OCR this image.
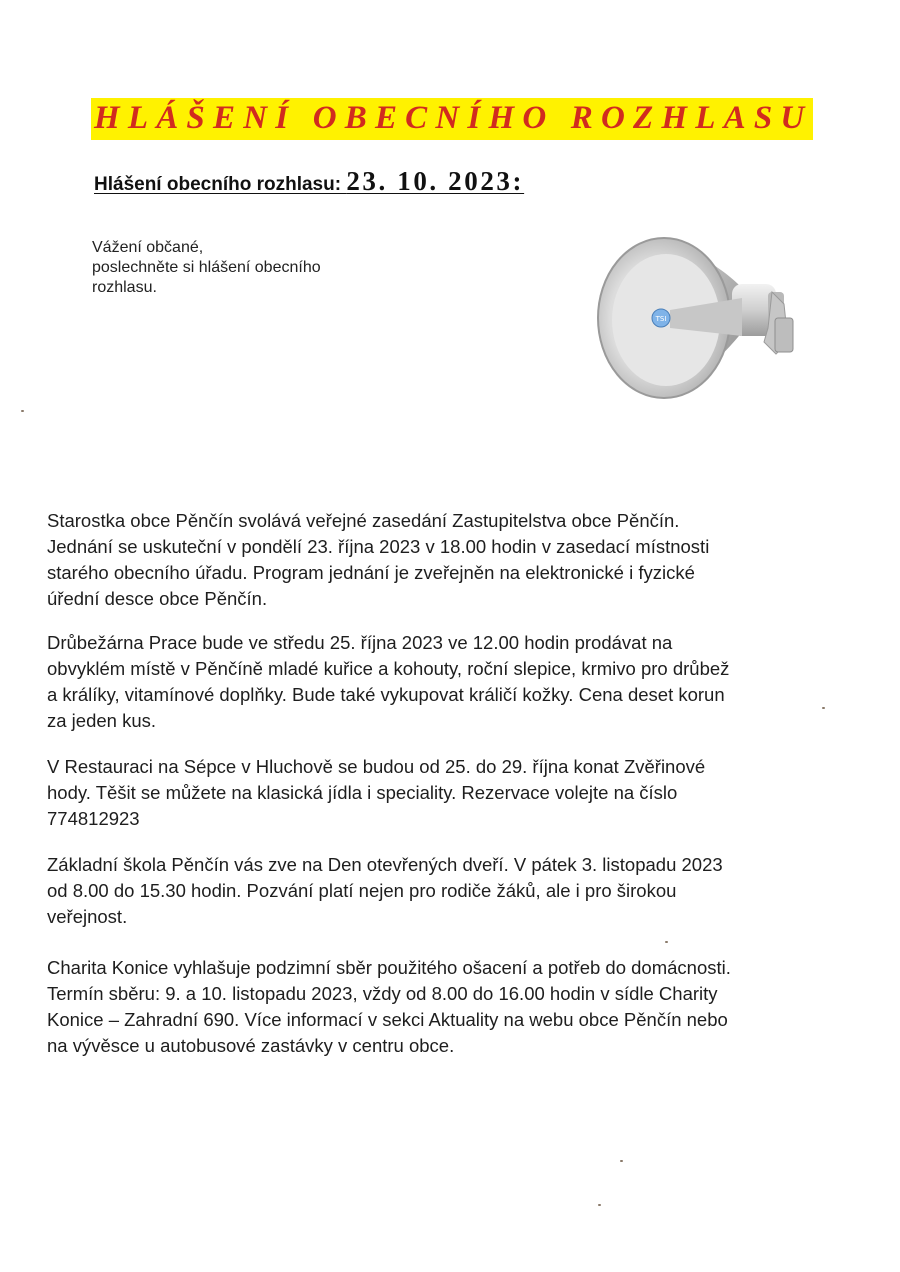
HLÁŠENÍ OBECNÍHO ROZHLASU
Hlášení obecního rozhlasu: 23. 10. 2023:
Vážení občané,
poslechněte si hlášení obecního
rozhlasu.
TSI
Starostka obce Pěnčín svolává veřejné zasedání Zastupitelstva obce Pěnčín.
Jednání se uskuteční v pondělí 23. října 2023 v 18.00 hodin v zasedací místnosti
starého obecního úřadu. Program jednání je zveřejněn na elektronické i fyzické
úřední desce obce Pěnčín.
Drůbežárna Prace bude ve středu 25. října 2023 ve 12.00 hodin prodávat na
obvyklém místě v Pěnčíně mladé kuřice a kohouty, roční slepice, krmivo pro drůbež
a králíky, vitamínové doplňky. Bude také vykupovat králičí kožky. Cena deset korun
za jeden kus.
V Restauraci na Sépce v Hluchově se budou od 25. do 29. října konat Zvěřinové
hody. Těšit se můžete na klasická jídla i speciality. Rezervace volejte na číslo
774812923
Základní škola Pěnčín vás zve na Den otevřených dveří. V pátek 3. listopadu 2023
od 8.00 do 15.30 hodin. Pozvání platí nejen pro rodiče žáků, ale i pro širokou
veřejnost.
Charita Konice vyhlašuje podzimní sběr použitého ošacení a potřeb do domácnosti.
Termín sběru: 9. a 10. listopadu 2023, vždy od 8.00 do 16.00 hodin v sídle Charity
Konice – Zahradní 690. Více informací v sekci Aktuality na webu obce Pěnčín nebo
na vývěsce u autobusové zastávky v centru obce.
